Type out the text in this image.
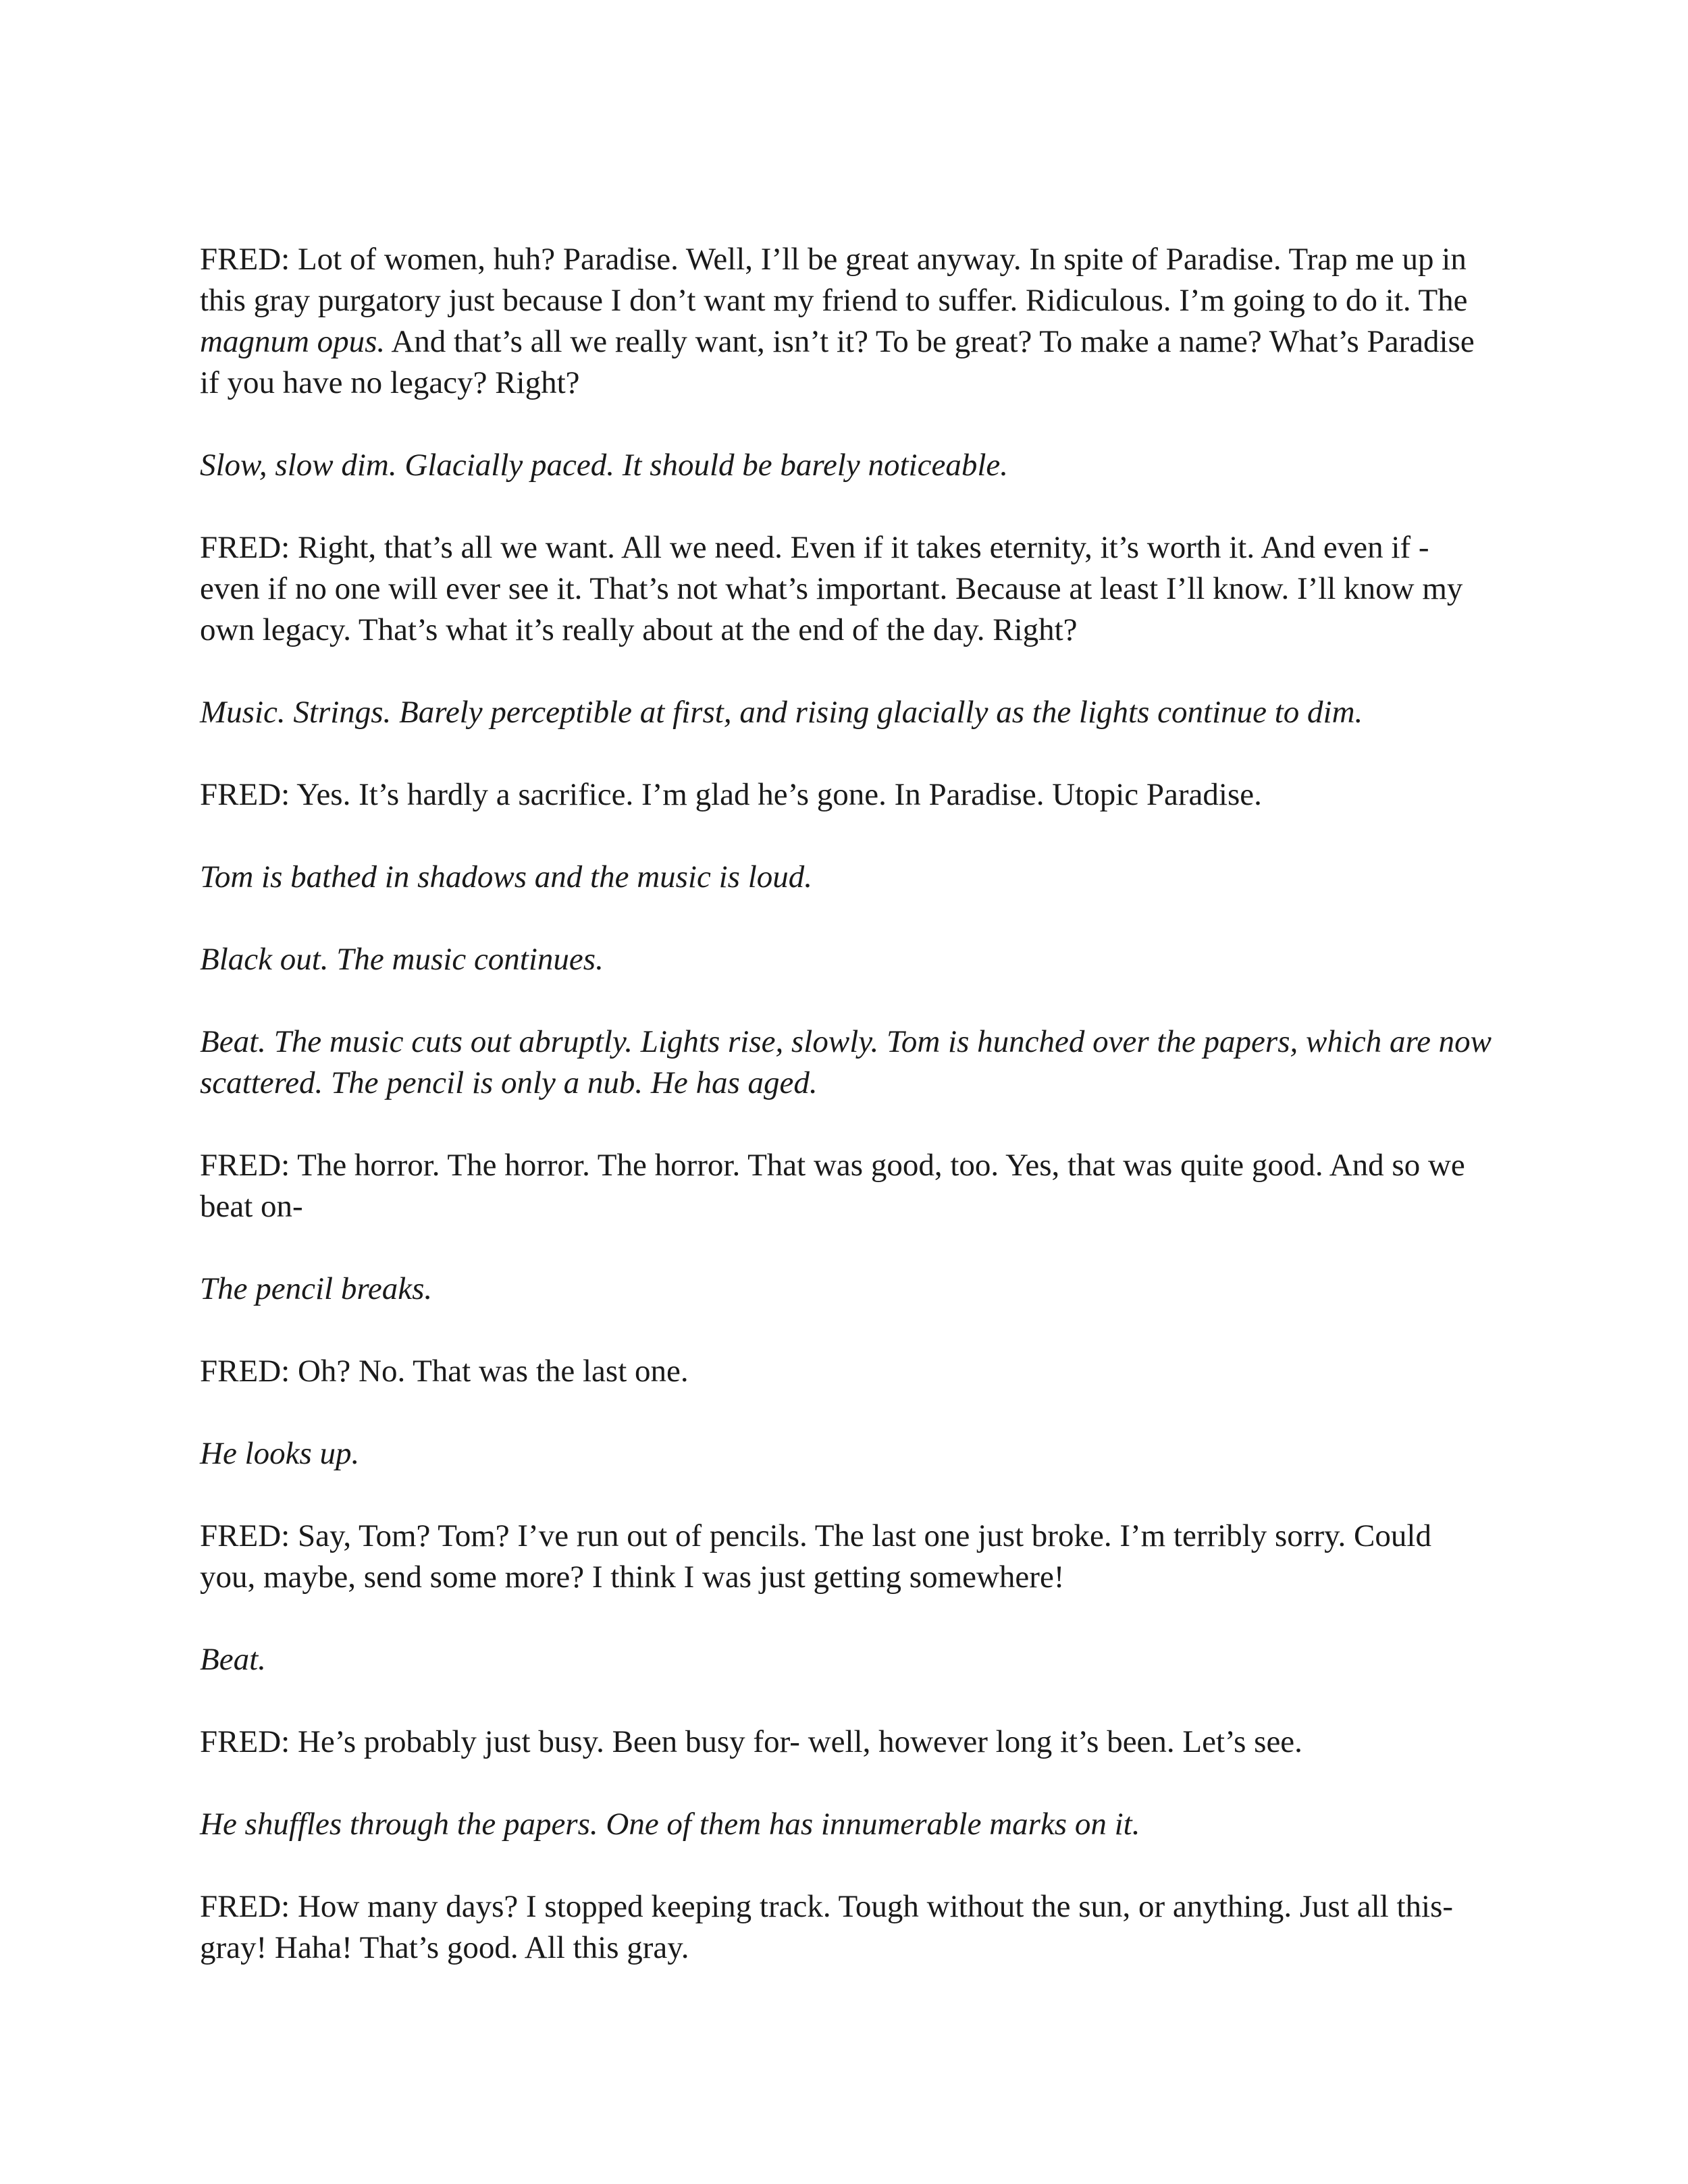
FRED: Lot of women, huh? Paradise. Well, I’ll be great anyway. In spite of Paradise. Trap me up in this gray purgatory just because I don’t want my friend to suffer. Ridiculous. I’m going to do it. The magnum opus. And that’s all we really want, isn’t it? To be great? To make a name? What’s Paradise if you have no legacy? Right?

Slow, slow dim. Glacially paced. It should be barely noticeable.

FRED: Right, that’s all we want. All we need. Even if it takes eternity, it’s worth it. And even if - even if no one will ever see it. That’s not what’s important. Because at least I’ll know. I’ll know my own legacy. That’s what it’s really about at the end of the day. Right?

Music. Strings. Barely perceptible at first, and rising glacially as the lights continue to dim.

FRED: Yes. It’s hardly a sacrifice. I’m glad he’s gone. In Paradise. Utopic Paradise.

Tom is bathed in shadows and the music is loud.

Black out. The music continues.

Beat. The music cuts out abruptly. Lights rise, slowly. Tom is hunched over the papers, which are now scattered. The pencil is only a nub. He has aged.

FRED: The horror. The horror. The horror. That was good, too. Yes, that was quite good. And so we beat on-

The pencil breaks.

FRED: Oh? No. That was the last one.

He looks up.

FRED: Say, Tom? Tom? I’ve run out of pencils. The last one just broke. I’m terribly sorry. Could you, maybe, send some more? I think I was just getting somewhere!

Beat.

FRED: He’s probably just busy. Been busy for- well, however long it’s been. Let’s see.

He shuffles through the papers. One of them has innumerable marks on it.

FRED: How many days? I stopped keeping track. Tough without the sun, or anything. Just all this- gray! Haha! That’s good. All this gray.
